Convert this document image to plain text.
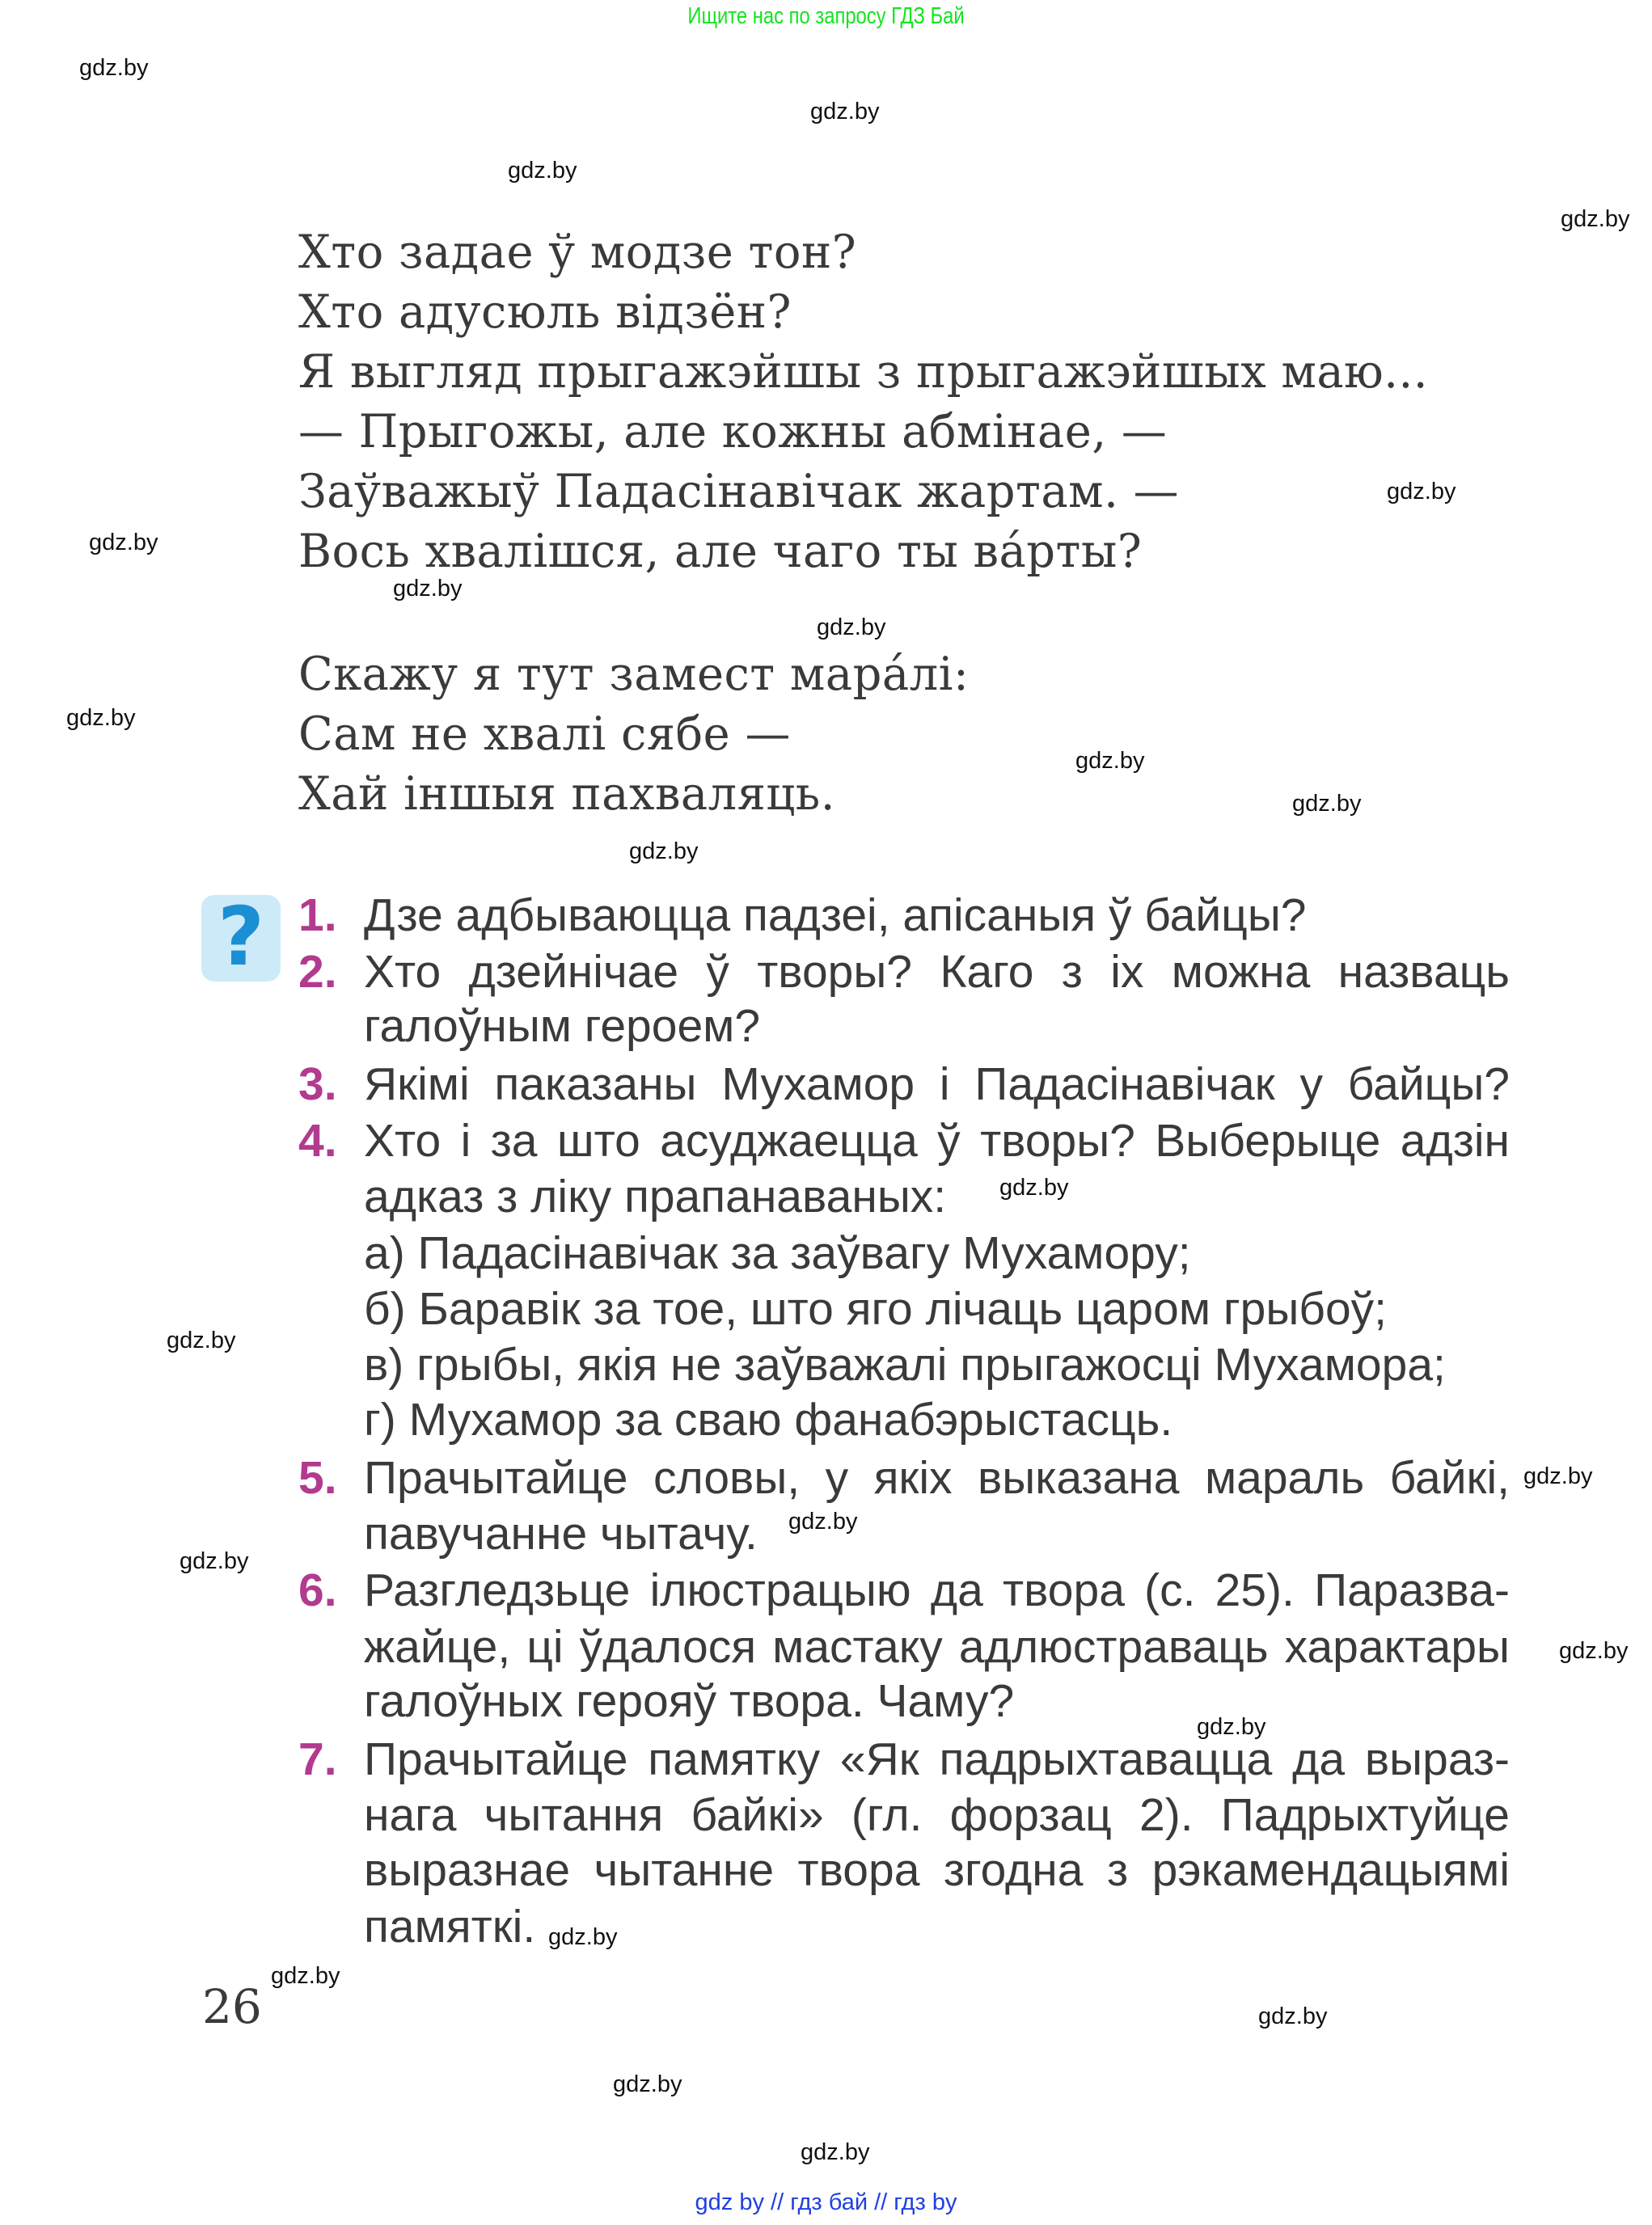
Ищите нас по запросу ГДЗ Бай
gdz.by
gdz.by
gdz.by
gdz.by
gdz.by
gdz.by
gdz.by
gdz.by
gdz.by
gdz.by
gdz.by
gdz.by
gdz.by
gdz.by
gdz.by
gdz.by
gdz.by
gdz.by
gdz.by
gdz.by
gdz.by
gdz.by
gdz.by
gdz.by
Хто задае ў модзе тон?
Хто адусюль відзён?
Я выгляд прыгажэйшы з прыгажэйшых маю...
— Прыгожы, але кожны абмінае, —
Заўважыў Падасінавічак жартам. —
Вось хвалішся, але чаго ты ва́рты?
Скажу я тут замест мара́лі:
Сам не хвалі сябе —
Хай іншыя пахваляць.
? 1. Дзе адбываюцца падзеі, апісаныя ў байцы?
2. Хто дзейнічае ў творы? Каго з іх можна назваць
галоўным героем?
3. Якімі паказаны Мухамор і Падасінавічак у байцы?
4. Хто і за што асуджаецца ў творы? Выберыце адзін
адказ з ліку прапанаваных:
а) Падасінавічак за заўвагу Мухамору;
б) Баравік за тое, што яго лічаць царом грыбоў;
в) грыбы, якія не заўважалі прыгажосці Мухамора;
г) Мухамор за сваю фанабэрыстасць.
5. Прачытайце словы, у якіх выказана мараль байкі,
павучанне чытачу.
6. Разгледзьце ілюстрацыю да твора (с. 25). Паразва-
жайце, ці ўдалося мастаку адлюстраваць характары
галоўных герояў твора. Чаму?
7. Прачытайце памятку «Як падрыхтавацца да выраз-
нага чытання байкі» (гл. форзац 2). Падрыхтуйце
выразнае чытанне твора згодна з рэкамендацыямі
памяткі.
26
gdz by // гдз бай // гдз by
